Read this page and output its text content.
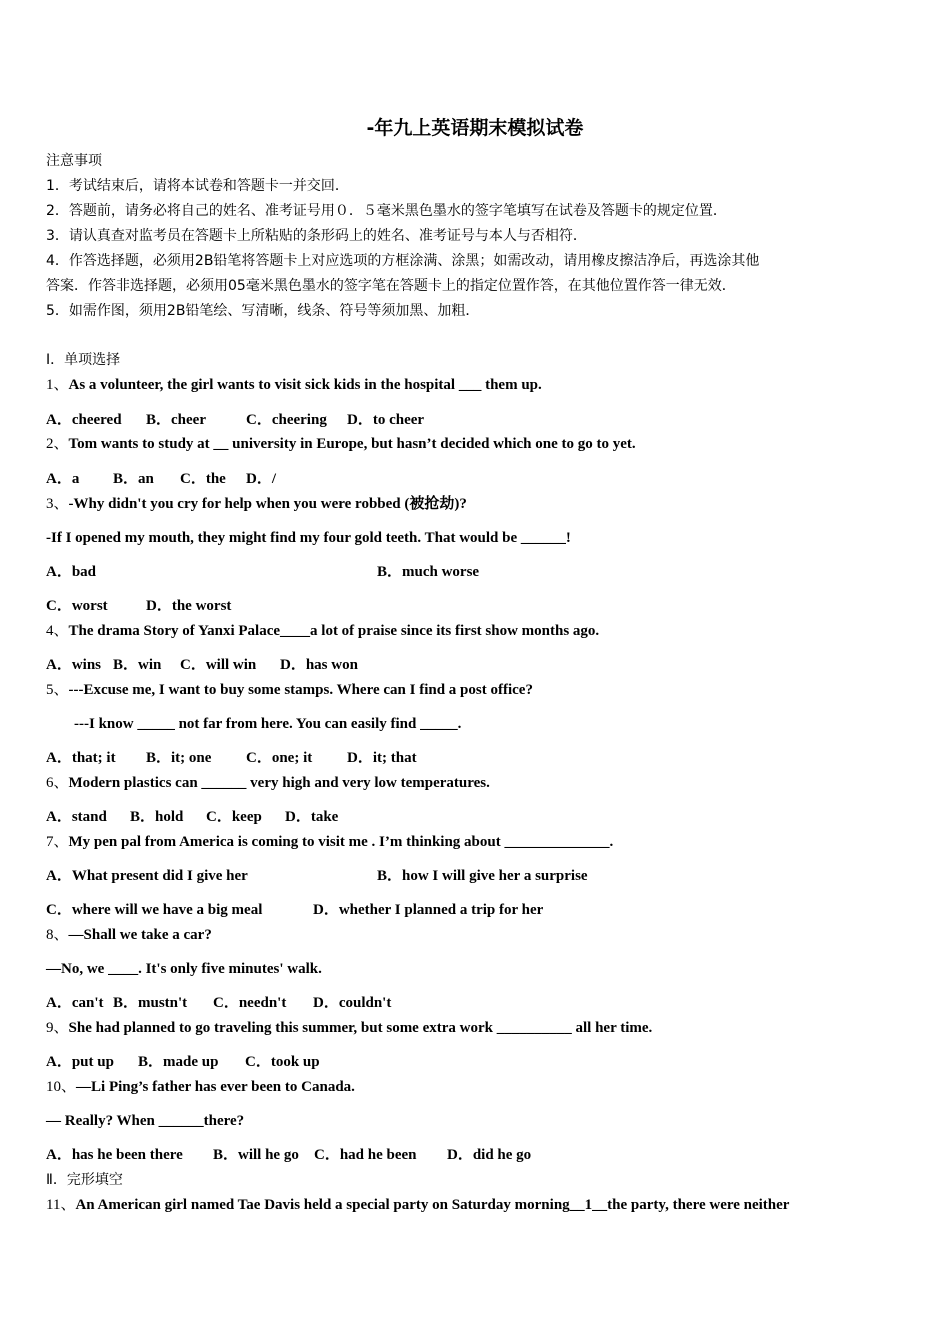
-年九上英语期末模拟试卷
注意事项
1．考试结束后，请将本试卷和答题卡一并交回．
2．答题前，请务必将自己的姓名、准考证号用０．５毫米黑色墨水的签字笔填写在试卷及答题卡的规定位置．
3．请认真查对监考员在答题卡上所粘贴的条形码上的姓名、准考证号与本人与否相符．
4．作答选择题，必须用2B铅笔将答题卡上对应选项的方框涂满、涂黑；如需改动，请用橡皮擦洁净后，再选涂其他
答案．作答非选择题，必须用05毫米黑色墨水的签字笔在答题卡上的指定位置作答，在其他位置作答一律无效．
5．如需作图，须用2B铅笔绘、写清晰，线条、符号等须加黑、加粗．
Ⅰ．单项选择
1、As a volunteer, the girl wants to visit sick kids in the hospital ___ them up.
A．cheered B．cheer	C．cheering D．to cheer
2、Tom wants to study at __ university in Europe, but hasn’t decided which one to go to yet.
A．a B．an C．the D．/
3、-Why didn't you cry for help when you were robbed (被抢劫)?
-If I opened my mouth, they might find my four gold teeth. That would be ______!
A．bad	B．much worse
C．worst	D．the worst
4、The drama Story of Yanxi Palace____a lot of praise since its first show months ago.
A．wins B．win C．will win D．has won
5、---Excuse me, I want to buy some stamps. Where can I find a post office?
---I know _____ not far from here. You can easily find _____.
A．that; it B．it; one C．one; it D．it; that
6、Modern plastics can ______ very high and very low temperatures.
A．stand B．hold C．keep D．take
7、My pen pal from America is coming to visit me . I’m thinking about ______________.
A．What present did I give her	B．how I will give her a surprise
C．where will we have a big meal	D．whether I planned a trip for her
8、—Shall we take a car?
—No, we ____. It's only five minutes' walk.
A．can't B．mustn't C．needn't D．couldn't
9、She had planned to go traveling this summer, but some extra work __________ all her time.
A．put up B．made up C．took up
10、—Li Ping’s father has ever been to Canada.
— Really? When ______there?
A．has he been there B．will he go C．had he been D．did he go
Ⅱ．完形填空
11、An American girl named Tae Davis held a special party on Saturday morning__1__the party, there were neither
